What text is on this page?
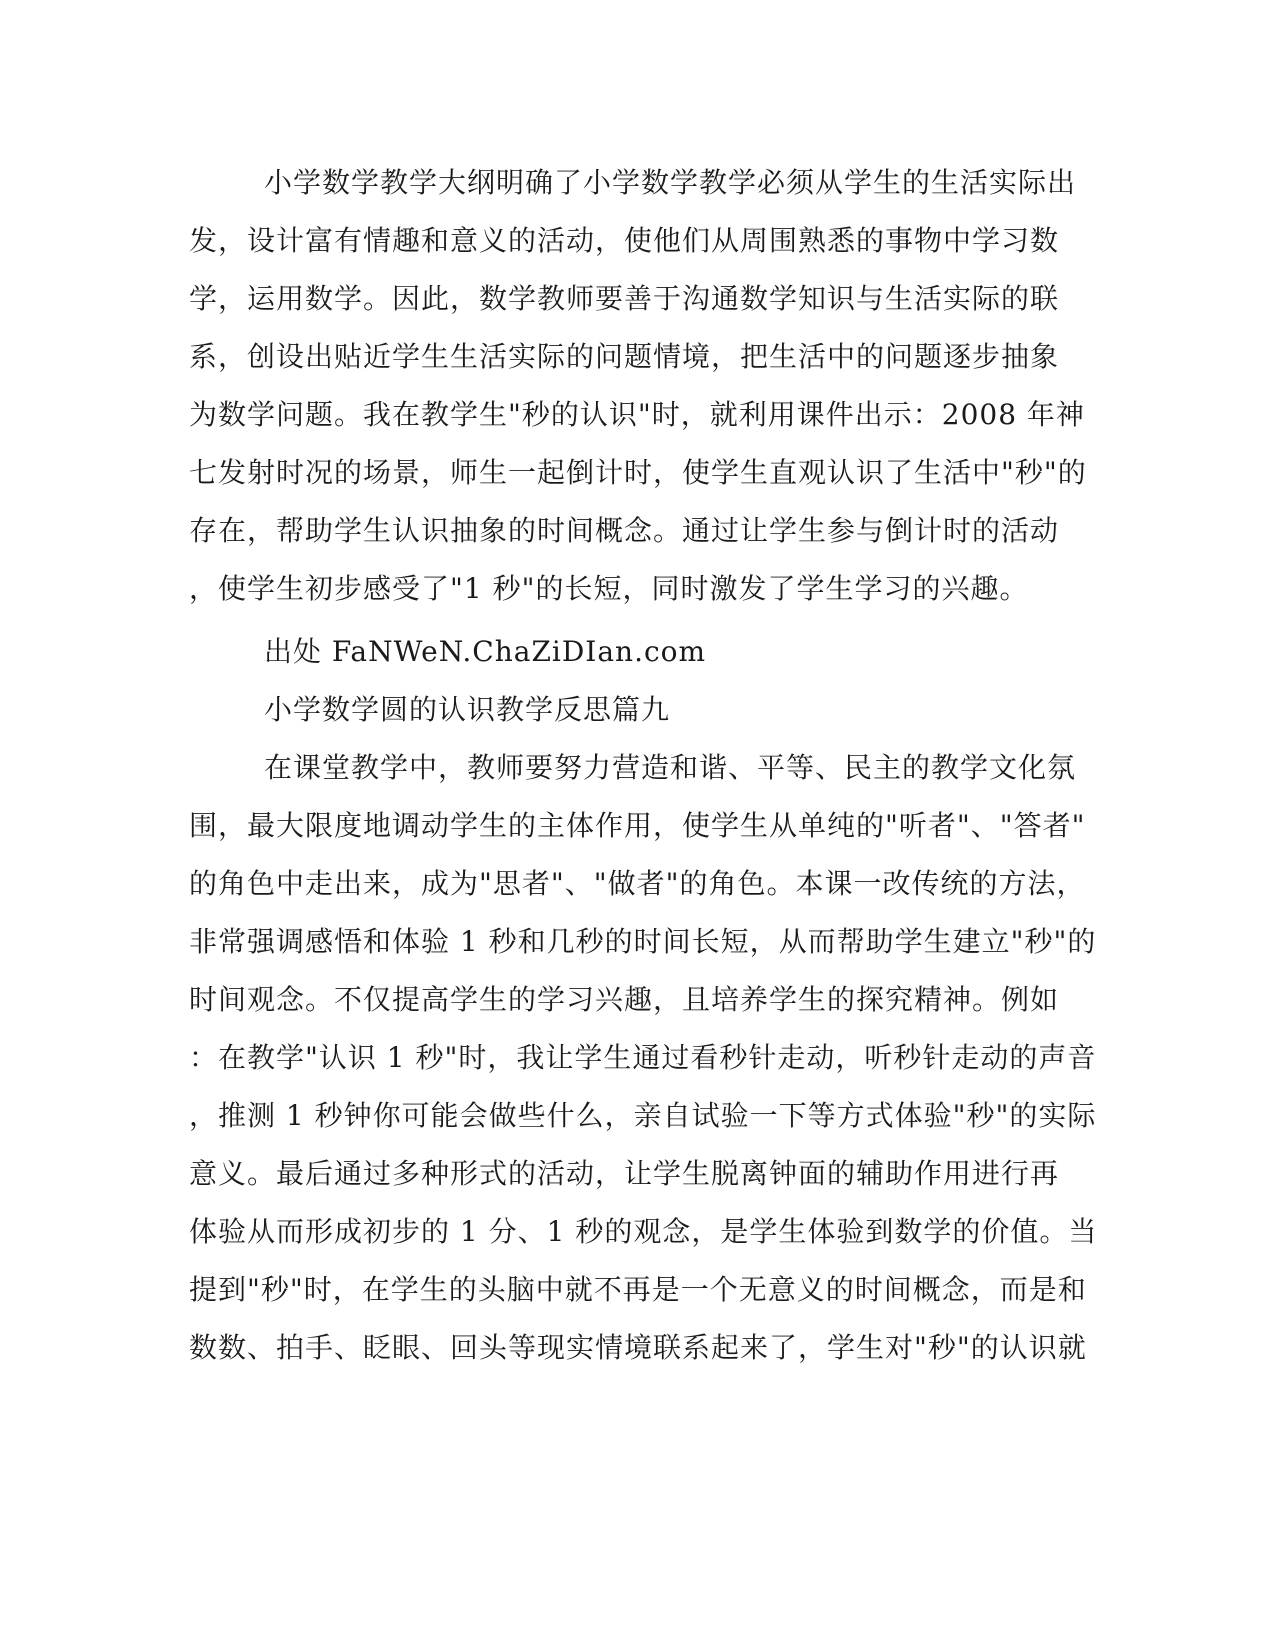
小学数学教学大纲明确了小学数学教学必须从学生的生活实际出
发，设计富有情趣和意义的活动，使他们从周围熟悉的事物中学习数
学，运用数学。因此，数学教师要善于沟通数学知识与生活实际的联
系，创设出贴近学生生活实际的问题情境，把生活中的问题逐步抽象
为数学问题。我在教学生"秒的认识"时，就利用课件出示：2008 年神
七发射时况的场景，师生一起倒计时，使学生直观认识了生活中"秒"的
存在，帮助学生认识抽象的时间概念。通过让学生参与倒计时的活动
，使学生初步感受了"1 秒"的长短，同时激发了学生学习的兴趣。
出处 FaNWeN.ChaZiDIan.com
小学数学圆的认识教学反思篇九
在课堂教学中，教师要努力营造和谐、平等、民主的教学文化氛
围，最大限度地调动学生的主体作用，使学生从单纯的"听者"、"答者"
的角色中走出来，成为"思者"、"做者"的角色。本课一改传统的方法，
非常强调感悟和体验 1 秒和几秒的时间长短，从而帮助学生建立"秒"的
时间观念。不仅提高学生的学习兴趣，且培养学生的探究精神。例如
：在教学"认识 1 秒"时，我让学生通过看秒针走动，听秒针走动的声音
，推测 1 秒钟你可能会做些什么，亲自试验一下等方式体验"秒"的实际
意义。最后通过多种形式的活动，让学生脱离钟面的辅助作用进行再
体验从而形成初步的 1 分、1 秒的观念，是学生体验到数学的价值。当
提到"秒"时，在学生的头脑中就不再是一个无意义的时间概念，而是和
数数、拍手、眨眼、回头等现实情境联系起来了，学生对"秒"的认识就
